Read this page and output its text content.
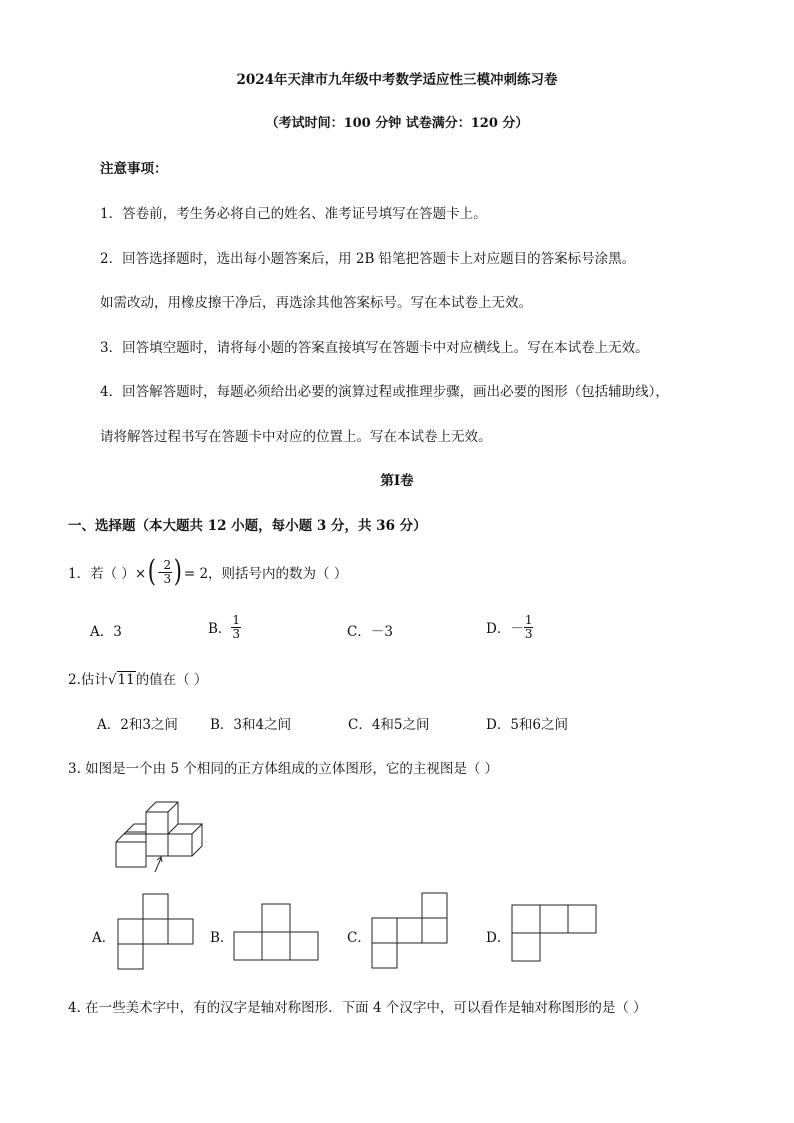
2024年天津市九年级中考数学适应性三模冲刺练习卷
（考试时间：100 分钟 试卷满分：120 分）
注意事项：
1．答卷前，考生务必将自己的姓名、准考证号填写在答题卡上。
2．回答选择题时，选出每小题答案后，用 2B 铅笔把答题卡上对应题目的答案标号涂黑。
如需改动，用橡皮擦干净后，再选涂其他答案标号。写在本试卷上无效。
3．回答填空题时，请将每小题的答案直接填写在答题卡中对应横线上。写在本试卷上无效。
4．回答解答题时，每题必须给出必要的演算过程或推理步骤，画出必要的图形（包括辅助线），
请将解答过程书写在答题卡中对应的位置上。写在本试卷上无效。
第Ⅰ卷
一、选择题（本大题共 12 小题，每小题 3 分，共 36 分）
1．若（ ）× ( - $\frac{2}{3}$ ) = 2，则括号内的数为（ ）
A．3	B． $\frac{1}{3}$	C．－3	D．－ $\frac{1}{3}$
2.估计√11的值在（ ）
A．2和3之间 B．3和4之间	C．4和5之间	D．5和6之间
3. 如图是一个由 5 个相同的正方体组成的立体图形，它的主视图是（ ）
A．	B．	C．	D．
4. 在一些美术字中，有的汉字是轴对称图形．下面 4 个汉字中，可以看作是轴对称图形的是（ ）
